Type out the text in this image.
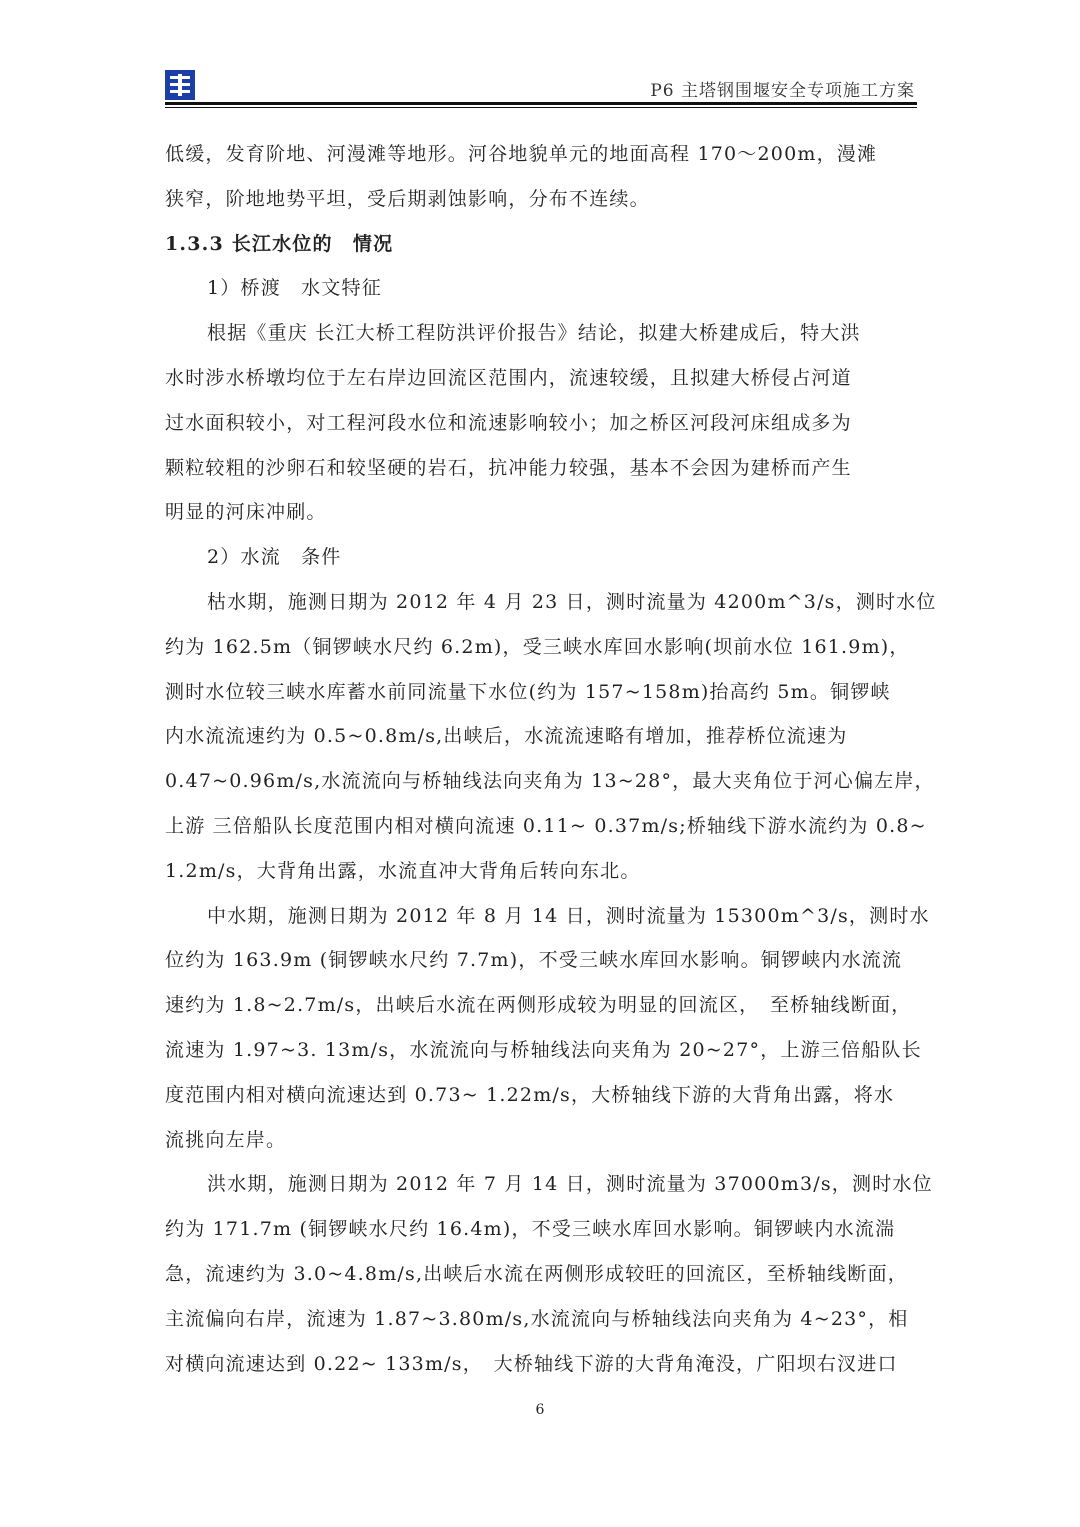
P6 主塔钢围堰安全专项施工方案
低缓，发育阶地、河漫滩等地形。河谷地貌单元的地面高程 170～200m，漫滩
狭窄，阶地地势平坦，受后期剥蚀影响，分布不连续。
1.3.3 长江水位的　情况
1）桥渡　水文特征
根据《重庆 长江大桥工程防洪评价报告》结论，拟建大桥建成后，特大洪
水时涉水桥墩均位于左右岸边回流区范围内，流速较缓，且拟建大桥侵占河道
过水面积较小，对工程河段水位和流速影响较小；加之桥区河段河床组成多为
颗粒较粗的沙卵石和较坚硬的岩石，抗冲能力较强，基本不会因为建桥而产生
明显的河床冲刷。
2）水流　条件
枯水期，施测日期为 2012 年 4 月 23 日，测时流量为 4200m^3/s，测时水位
约为 162.5m（铜锣峡水尺约 6.2m)，受三峡水库回水影响(坝前水位 161.9m)，
测时水位较三峡水库蓄水前同流量下水位(约为 157~158m)抬高约 5m。铜锣峡
内水流流速约为 0.5~0.8m/s,出峡后，水流流速略有增加，推荐桥位流速为
0.47~0.96m/s,水流流向与桥轴线法向夹角为 13~28°，最大夹角位于河心偏左岸，
上游 三倍船队长度范围内相对横向流速 0.11~ 0.37m/s;桥轴线下游水流约为 0.8~
1.2m/s，大背角出露，水流直冲大背角后转向东北。
中水期，施测日期为 2012 年 8 月 14 日，测时流量为 15300m^3/s，测时水
位约为 163.9m (铜锣峡水尺约 7.7m)，不受三峡水库回水影响。铜锣峡内水流流
速约为 1.8~2.7m/s，出峡后水流在两侧形成较为明显的回流区，　至桥轴线断面，
流速为 1.97~3. 13m/s，水流流向与桥轴线法向夹角为 20~27°，上游三倍船队长
度范围内相对横向流速达到 0.73~ 1.22m/s，大桥轴线下游的大背角出露，将水
流挑向左岸。
洪水期，施测日期为 2012 年 7 月 14 日，测时流量为 37000m3/s，测时水位
约为 171.7m (铜锣峡水尺约 16.4m)，不受三峡水库回水影响。铜锣峡内水流湍
急，流速约为 3.0~4.8m/s,出峡后水流在两侧形成较旺的回流区，至桥轴线断面，
主流偏向右岸，流速为 1.87~3.80m/s,水流流向与桥轴线法向夹角为 4~23°，相
对横向流速达到 0.22~ 133m/s，　大桥轴线下游的大背角淹没，广阳坝右汊进口
6
